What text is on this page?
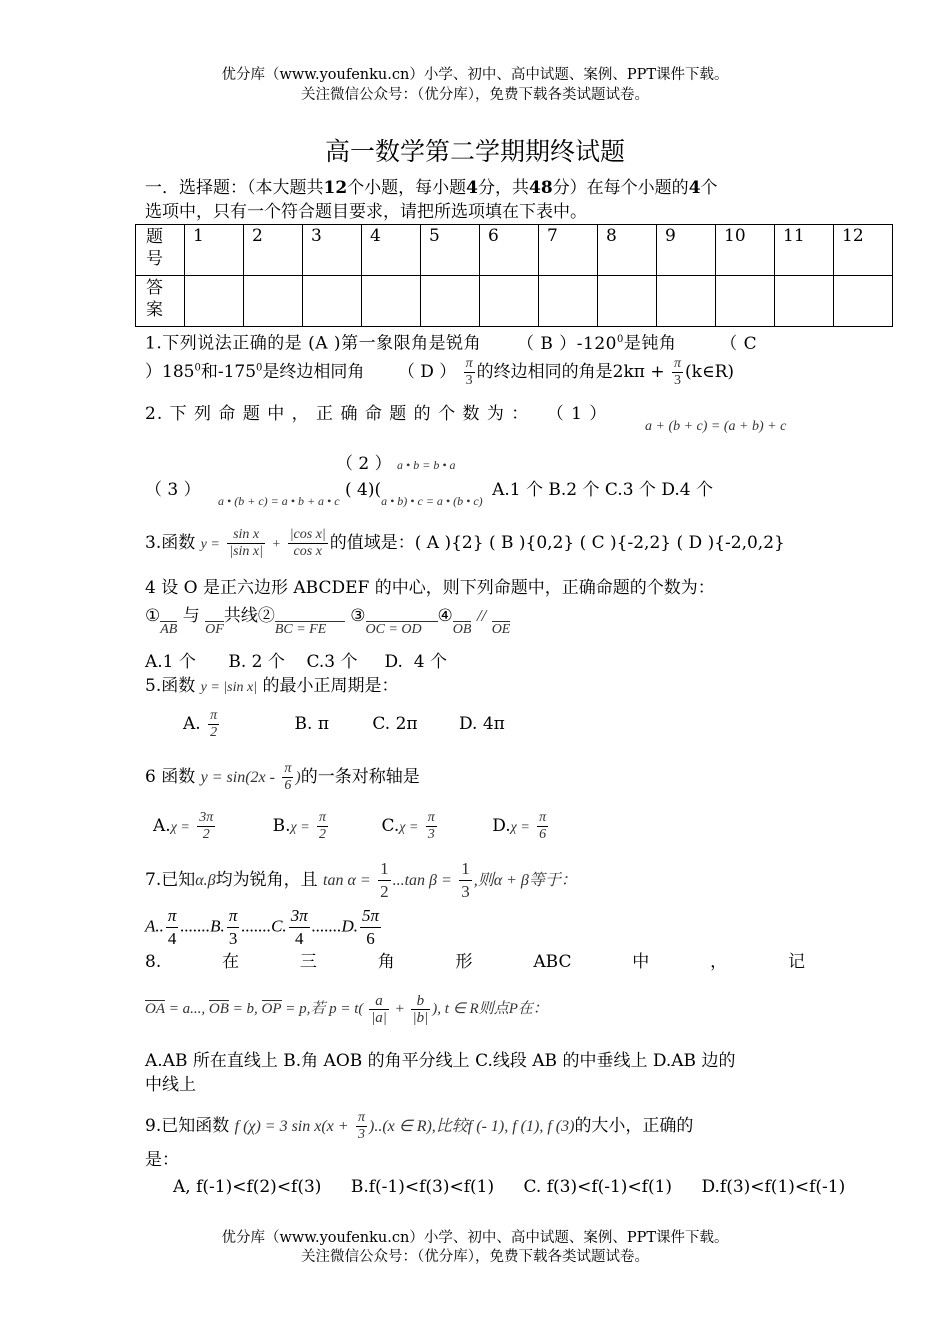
优分库（www.youfenku.cn）小学、初中、高中试题、案例、PPT课件下载。
关注微信公众号：（优分库），免费下载各类试题试卷。
高一数学第二学期期终试题
一．选择题：（本大题共12个小题，每小题4分，共48分）在每个小题的4个
选项中，只有一个符合题目要求，请把所选项填在下表中。
题号	1	2	3	4	5	6	7	8	9	10	11	12

答案												

1.下列说法正确的是 (A )第一象限角是锐角 （ B ）$-120^0$是钝角	（ C
）$185^0$和$-175^0$是终边相同角 （ D ） $\frac{\pi}{3}$ 的终边相同的角是$2k\pi + \frac{\pi}{3}$ (k∈R)
2. 下 列 命 题 中 ， 正 确 命 题 的 个 数 为 ： （ 1 ）
a + (b + c) = (a + b) + c
（ 2 ） a • b = b • a
（ 3 ） $_{a • (b + c) = a • b + a • c}$ ( $4)(_{a • b) • c = a • (b • c)}$ A.1 个 B.2 个 C.3 个 D.4 个
3.函数 $y = \frac{\text{sin x}}{\text{|sin x|}} + \frac{\text{|cos x|}}{\text{cos x}}$ 的值域是：( A ){2} ( B ){0,2} ( C ){-2,2} ( D ){-2,0,2}
4 设 O 是正六边形 ABCDEF 的中心，则下列命题中，正确命题的个数为：
①AB 与 OF共线②BC = FE ③OC = OD④OB // OE
A.1 个      B. 2 个    C.3 个     D.  4 个
5.函数 y = |sin x| 的最小正周期是：
A. $\frac{\pi}{2}$	B. π	C. 2π D. 4π
6 函数 $y = \sin(2x - \frac{\pi}{6}$ )的一条对称轴是
$A.\chi = \frac{3\pi}{2}$	$B.\chi = \frac{\pi}{2}$	$C.\chi = \frac{\pi}{3}$	$D.\chi = \frac{\pi}{6}$
7.已知α.β均为锐角，且 $\tan \alpha = \frac{1}{2} ...\tan$ $\beta = \frac{1}{3}$ ,则α + β等于：
A.. $\frac{\pi}{4} .......B$. $\frac{\pi}{3} .......C$. $\frac{3\pi}{4} .......D$. $\frac{5\pi}{6}$
8.	在	三	角	形	ABC	中	，	记
OA = a..., OB = b, OP = p,若 $p = t( \frac{a}{|a|} + \frac{b}{|b|}$ ), t ∈ R则点P在：
A.AB 所在直线上 B.角 AOB 的角平分线上 C.线段 AB 的中垂线上 D.AB 边的
中线上
9.已知函数 f (χ) = 3 $\sin x(x + \frac{\pi}{3} )..(x$ ∈ R),比较f (- 1), f (1), f (3)的大小，正确的
是：
A, f(-1)<f(2)<f(3) B.f(-1)<f(3)<f(1) C. f(3)<f(-1)<f(1) D.f(3)<f(1)<f(-1)
优分库（www.youfenku.cn）小学、初中、高中试题、案例、PPT课件下载。
关注微信公众号：（优分库），免费下载各类试题试卷。
